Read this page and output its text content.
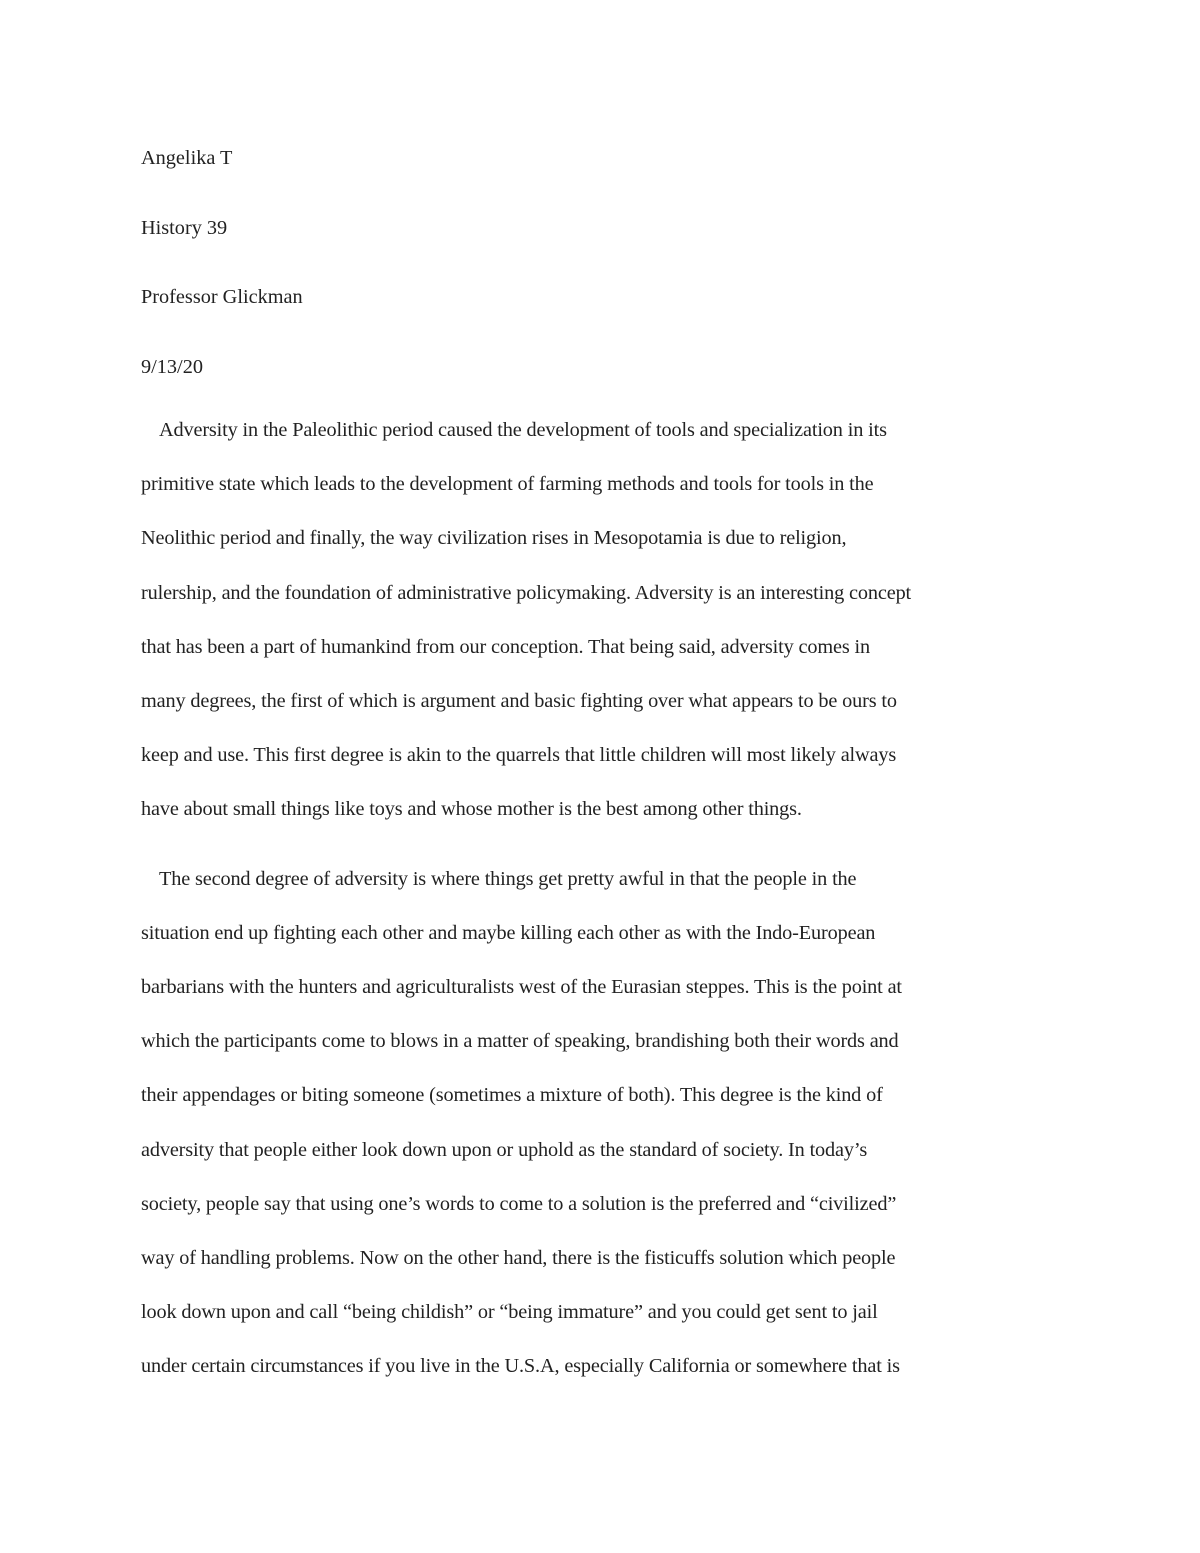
Angelika T
History 39
Professor Glickman
9/13/20

Adversity in the Paleolithic period caused the development of tools and specialization in its
primitive state which leads to the development of farming methods and tools for tools in the
Neolithic period and finally, the way civilization rises in Mesopotamia is due to religion,
rulership, and the foundation of administrative policymaking. Adversity is an interesting concept
that has been a part of humankind from our conception. That being said, adversity comes in
many degrees, the first of which is argument and basic fighting over what appears to be ours to
keep and use. This first degree is akin to the quarrels that little children will most likely always
have about small things like toys and whose mother is the best among other things.

The second degree of adversity is where things get pretty awful in that the people in the
situation end up fighting each other and maybe killing each other as with the Indo-European
barbarians with the hunters and agriculturalists west of the Eurasian steppes. This is the point at
which the participants come to blows in a matter of speaking, brandishing both their words and
their appendages or biting someone (sometimes a mixture of both). This degree is the kind of
adversity that people either look down upon or uphold as the standard of society. In today’s
society, people say that using one’s words to come to a solution is the preferred and “civilized”
way of handling problems. Now on the other hand, there is the fisticuffs solution which people
look down upon and call “being childish” or “being immature” and you could get sent to jail
under certain circumstances if you live in the U.S.A, especially California or somewhere that is
